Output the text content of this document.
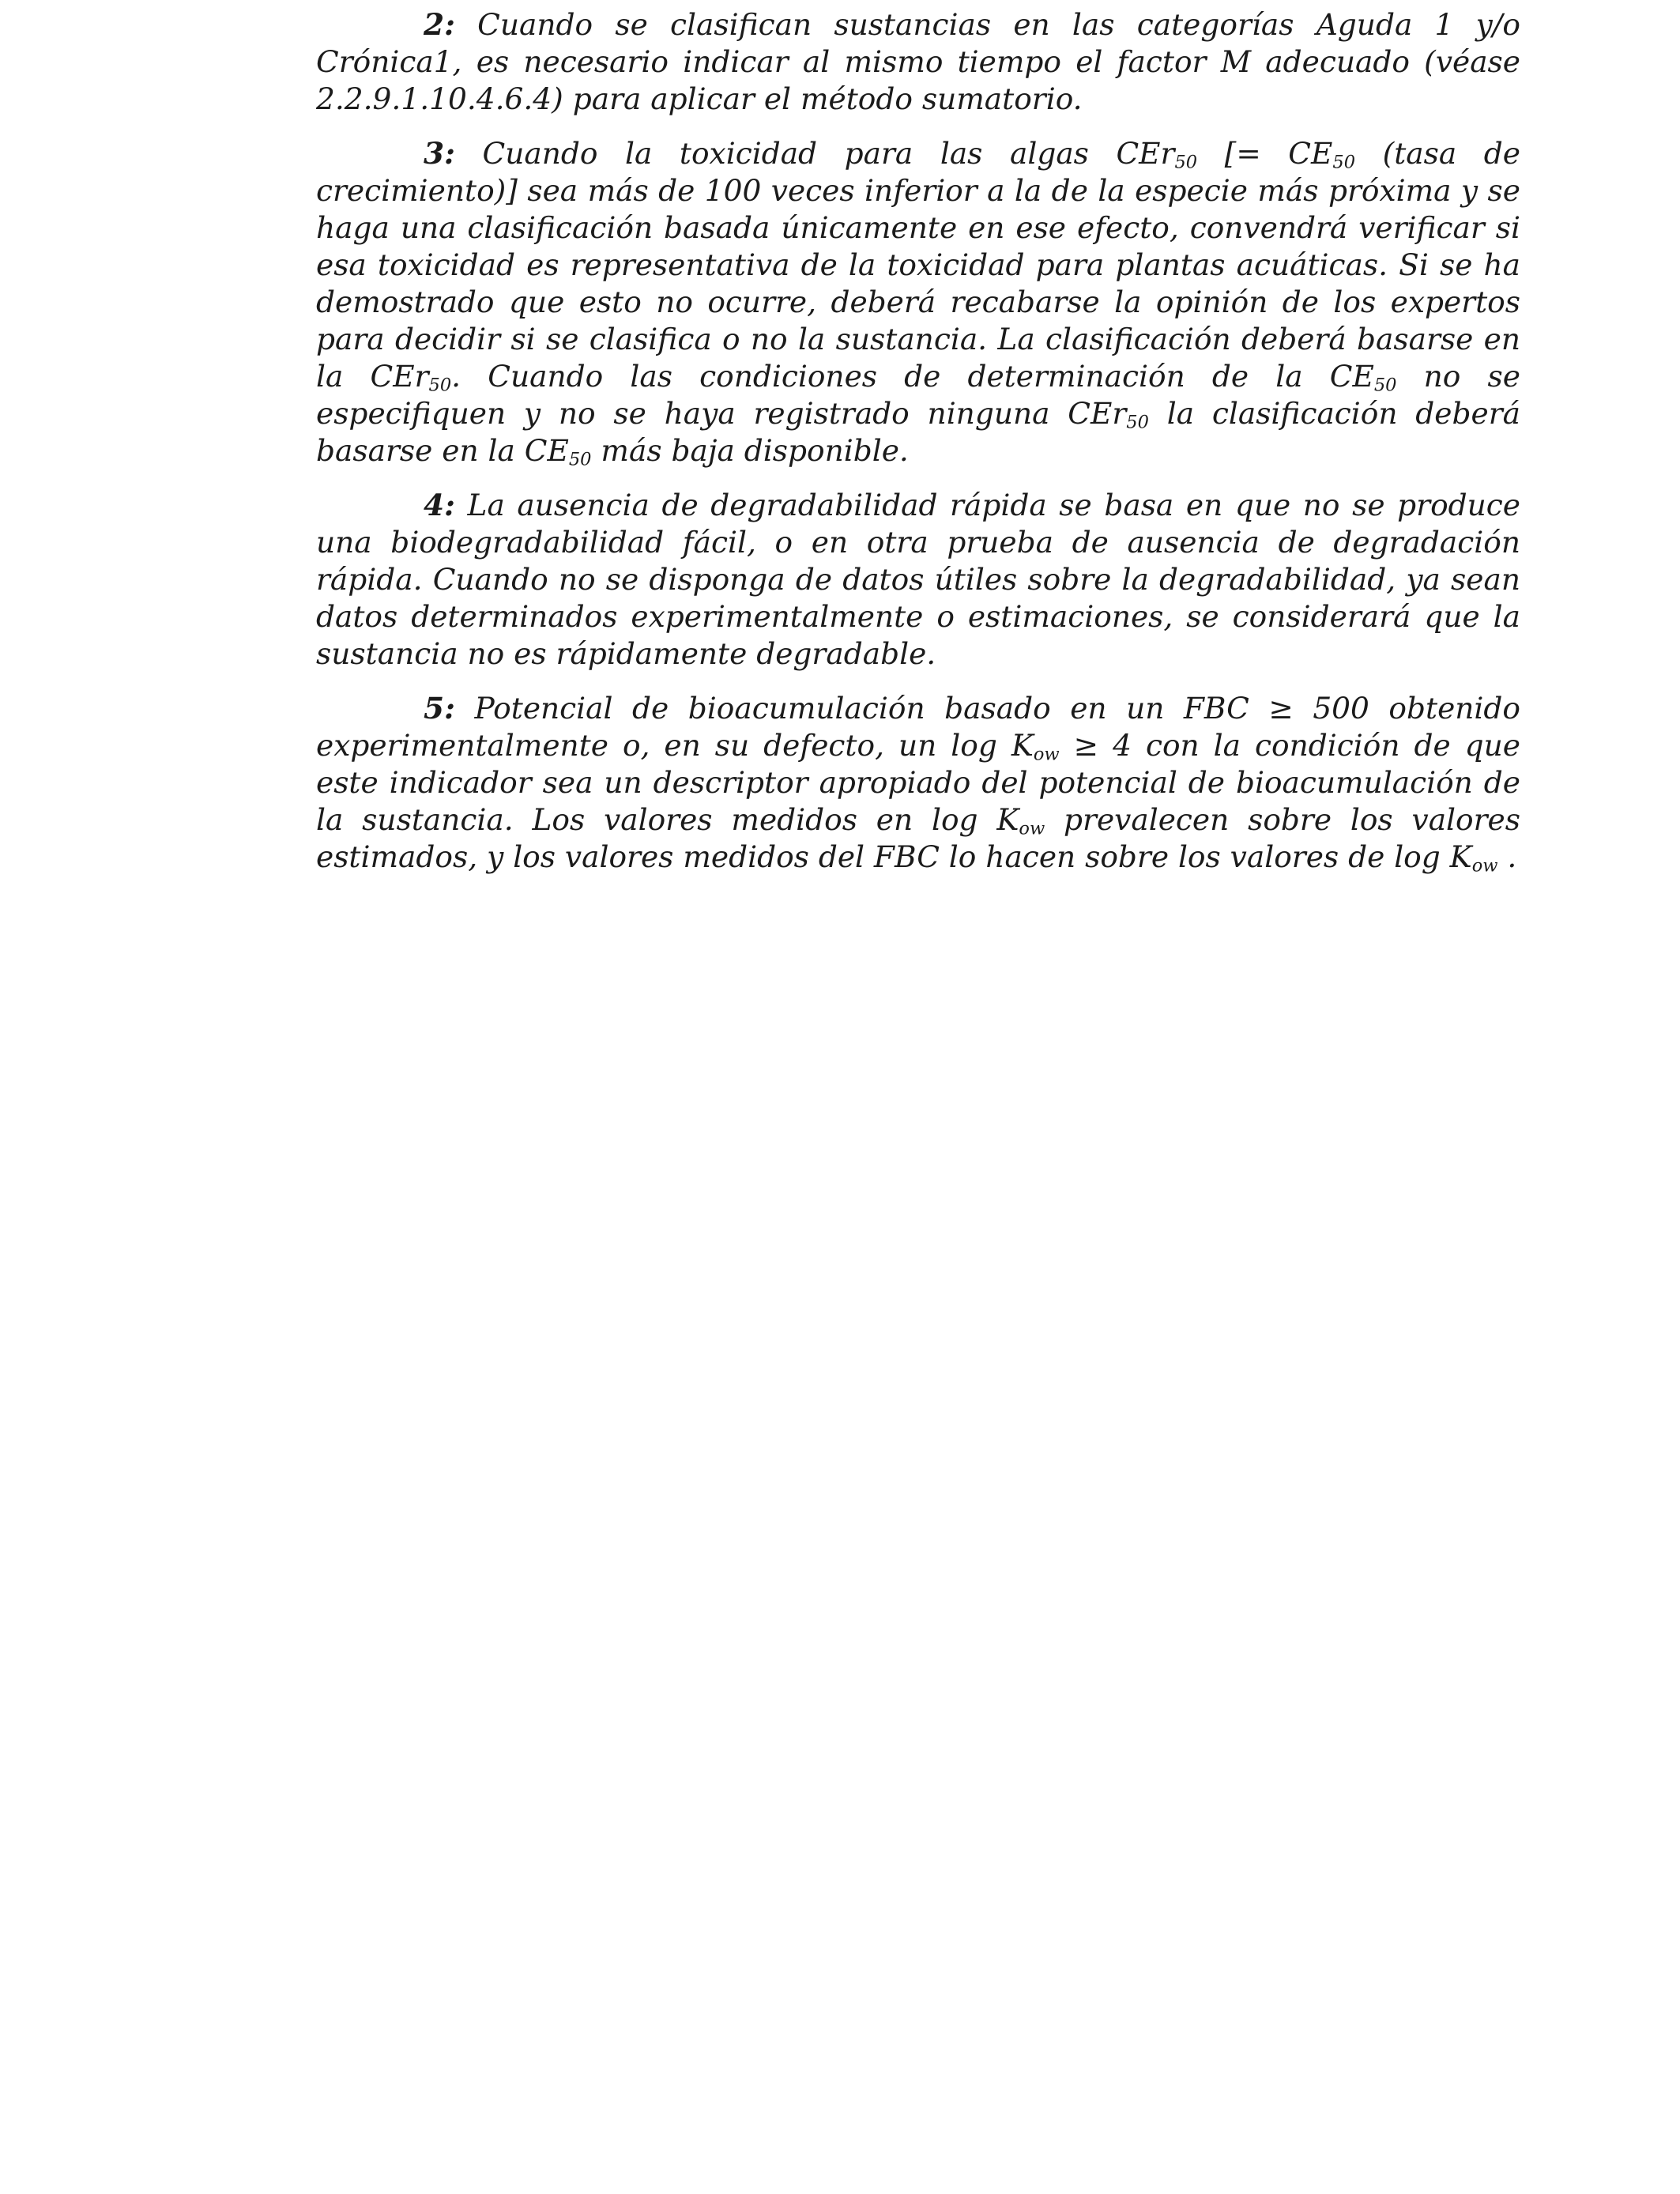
2: Cuando se clasifican sustancias en las categorías Aguda 1 y/o Crónica1, es necesario indicar al mismo tiempo el factor M adecuado (véase 2.2.9.1.10.4.6.4) para aplicar el método sumatorio.

3: Cuando la toxicidad para las algas CEr$_{50}$ [= $CE_{50}$ (tasa de crecimiento)] sea más de 100 veces inferior a la de la especie más próxima y se haga una clasificación basada únicamente en ese efecto, convendrá verificar si esa toxicidad es representativa de la toxicidad para plantas acuáticas. Si se ha demostrado que esto no ocurre, deberá recabarse la opinión de los expertos para decidir si se clasifica o no la sustancia. La clasificación deberá basarse en la CEr$_{50}$. Cuando las condiciones de determinación de la $CE_{50}$ no se especifiquen y no se haya registrado ninguna CEr$_{50}$ la clasificación deberá basarse en la $CE_{50}$ más baja disponible.

4: La ausencia de degradabilidad rápida se basa en que no se produce una biodegradabilidad fácil, o en otra prueba de ausencia de degradación rápida. Cuando no se disponga de datos útiles sobre la degradabilidad, ya sean datos determinados experimentalmente o estimaciones, se considerará que la sustancia no es rápidamente degradable.

5: Potencial de bioacumulación basado en un FBC ≥ 500 obtenido experimentalmente o, en su defecto, un $\log K_{ow} \ge 4$ con la condición de que este indicador sea un descriptor apropiado del potencial de bioacumulación de la sustancia. Los valores medidos en $\log K_{ow}$ prevalecen sobre los valores estimados, y los valores medidos del FBC lo hacen sobre los valores de $\log K_{ow}$ .
